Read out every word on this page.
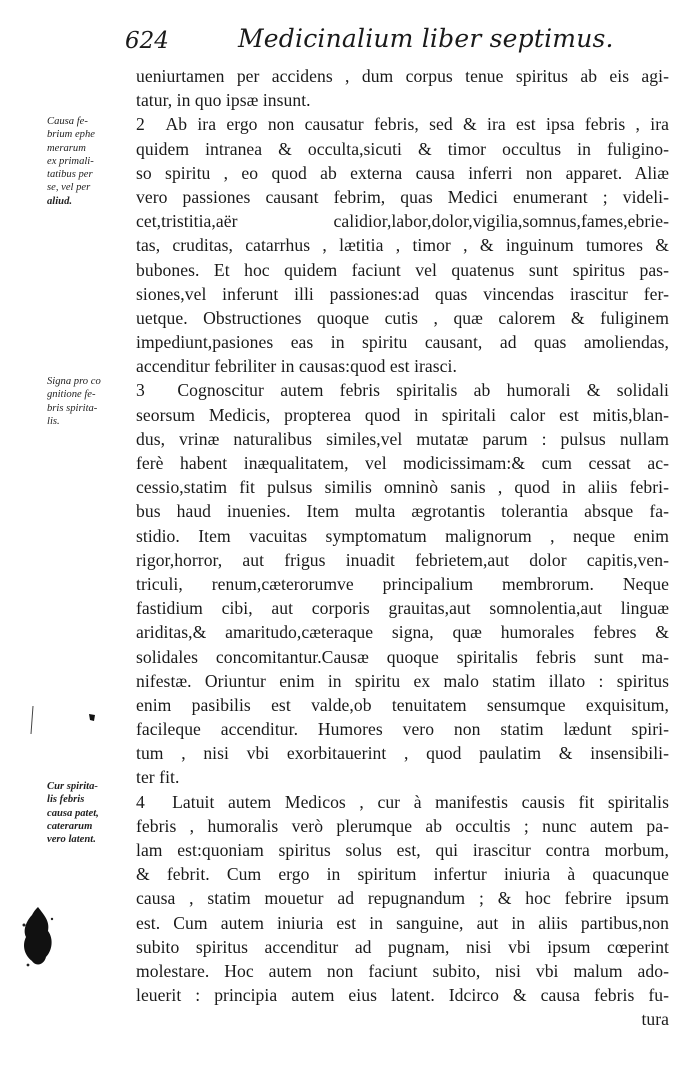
624	Medicinalium liber septimus.
Causa fe-
brium ephe
merarum
ex primali-
tatibus per
se, vel per
aliud.
Signa pro co
gnitione fe-
bris spirita-
lis.
Cur spirita-
lis febris
causa patet,
caterarum
vero latent.
ueniurtamen per accidens , dum corpus tenue spiritus ab eis agi-
tatur, in quo ipsæ insunt.
2 Ab ira ergo non causatur febris, sed & ira est ipsa febris , ira
quidem intranea & occulta,sicuti & timor occultus in fuligino-
so spiritu , eo quod ab externa causa inferri non apparet. Aliæ
vero passiones causant febrim, quas Medici enumerant ; videli-
cet,tristitia,aër calidior,labor,dolor,vigilia,somnus,fames,ebrie-
tas, cruditas, catarrhus , lætitia , timor , & inguinum tumores &
bubones. Et hoc quidem faciunt vel quatenus sunt spiritus pas-
siones,vel inferunt illi passiones:ad quas vincendas irascitur fer-
uetque. Obstructiones quoque cutis , quæ calorem & fuliginem
impediunt,pasiones eas in spiritu causant, ad quas amoliendas,
accenditur febriliter in causas:quod est irasci.
3 Cognoscitur autem febris spiritalis ab humorali & solidali
seorsum Medicis, propterea quod in spiritali calor est mitis,blan-
dus, vrinæ naturalibus similes,vel mutatæ parum : pulsus nullam
ferè habent inæqualitatem, vel modicissimam:& cum cessat ac-
cessio,statim fit pulsus similis omninò sanis , quod in aliis febri-
bus haud inuenies. Item multa ægrotantis tolerantia absque fa-
stidio. Item vacuitas symptomatum malignorum , neque enim
rigor,horror, aut frigus inuadit febrietem,aut dolor capitis,ven-
triculi, renum,cæterorumve principalium membrorum. Neque
fastidium cibi, aut corporis grauitas,aut somnolentia,aut linguæ
ariditas,& amaritudo,cæteraque signa, quæ humorales febres &
solidales concomitantur.Causæ quoque spiritalis febris sunt ma-
nifestæ. Oriuntur enim in spiritu ex malo statim illato : spiritus
enim pasibilis est valde,ob tenuitatem sensumque exquisitum,
facileque accenditur. Humores vero non statim lædunt spiri-
tum , nisi vbi exorbitauerint , quod paulatim & insensibili-
ter fit.
4 Latuit autem Medicos , cur à manifestis causis fit spiritalis
febris , humoralis verò plerumque ab occultis ; nunc autem pa-
lam est:quoniam spiritus solus est, qui irascitur contra morbum,
& febrit. Cum ergo in spiritum infertur iniuria à quacunque
causa , statim mouetur ad repugnandum ; & hoc febrire ipsum
est. Cum autem iniuria est in sanguine, aut in aliis partibus,non
subito spiritus accenditur ad pugnam, nisi vbi ipsum cœperint
molestare. Hoc autem non faciunt subito, nisi vbi malum ado-
leuerit : principia autem eius latent. Idcirco & causa febris fu-
tura
